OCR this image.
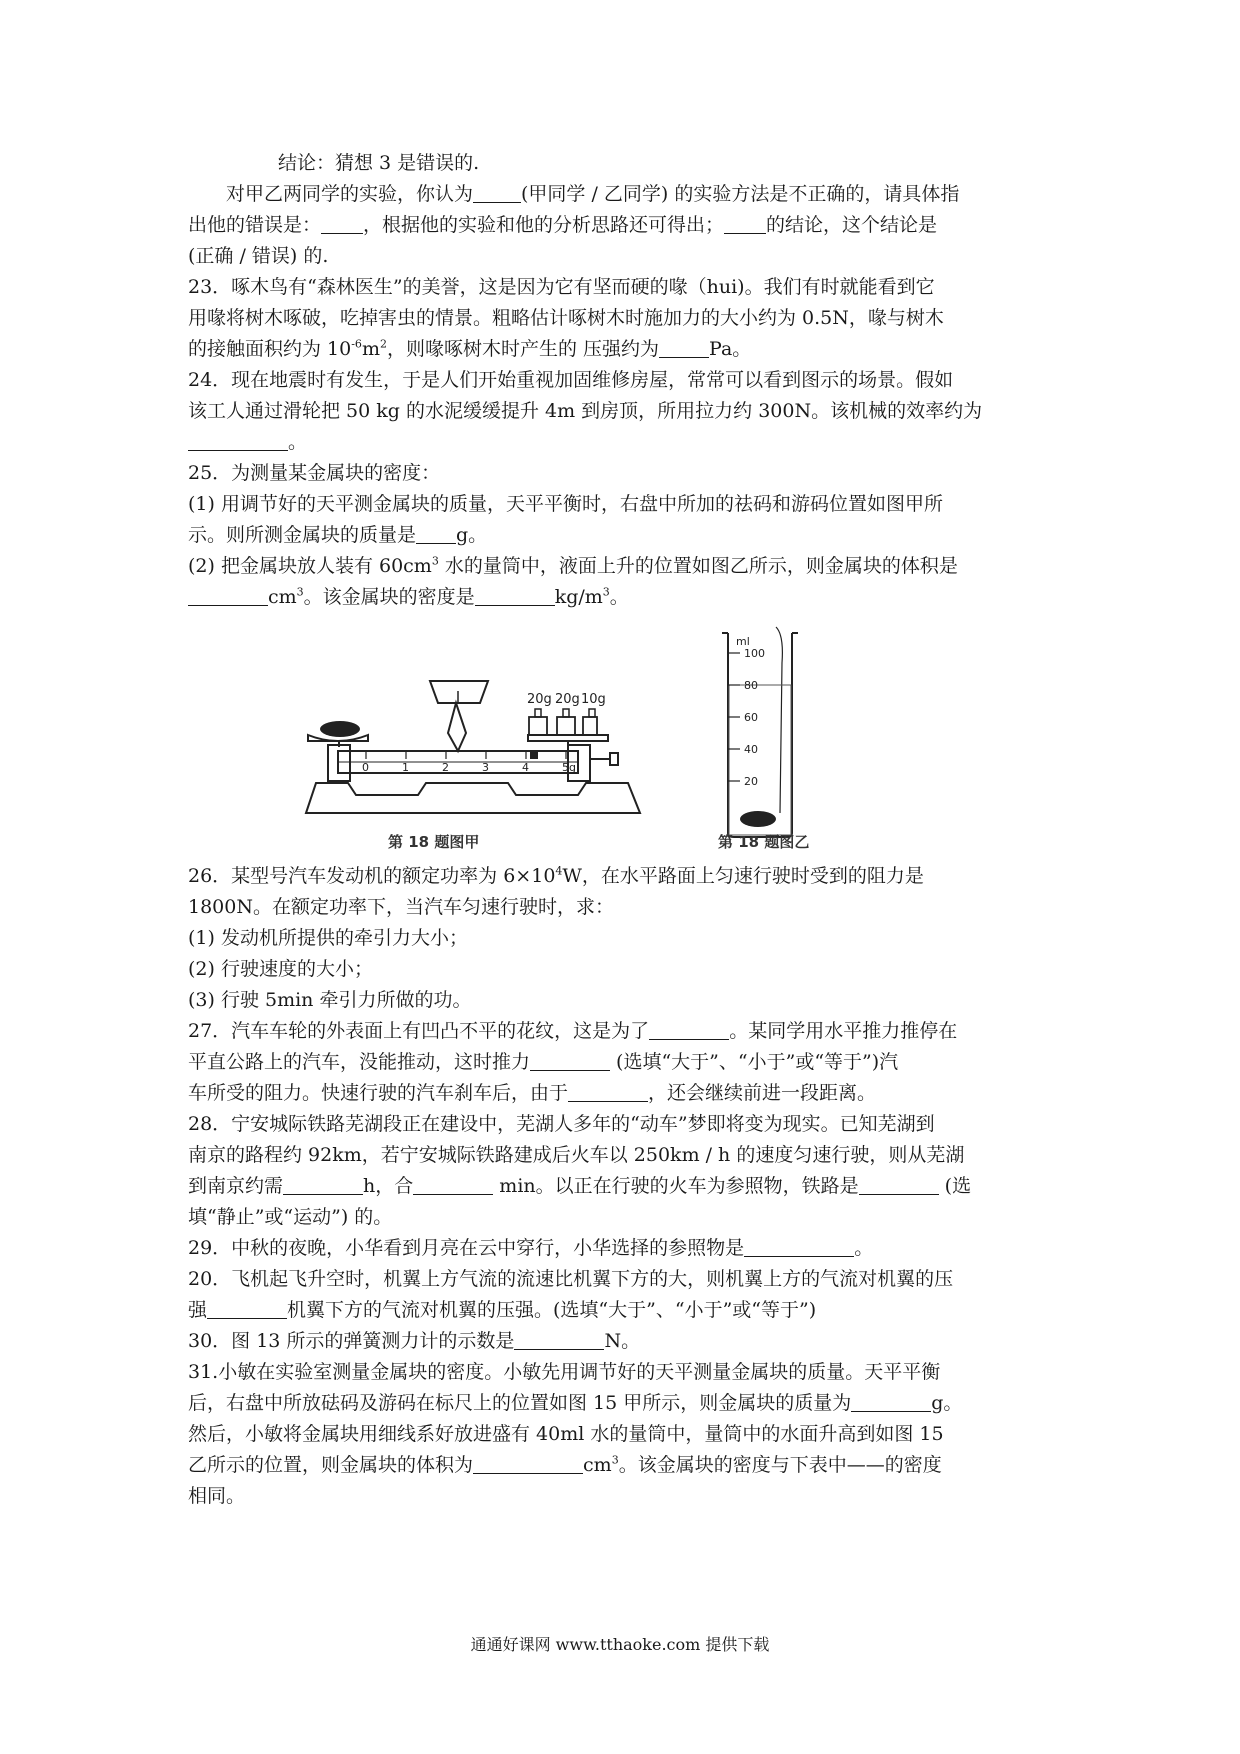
结论：猜想 3 是错误的.
对甲乙两同学的实验，你认为	(甲同学 / 乙同学) 的实验方法是不正确的，请具体指
出他的错误是： ，根据他的实验和他的分析思路还可得出； 的结论，这个结论是
(正确 / 错误) 的.
23．啄木鸟有“森林医生”的美誉，这是因为它有坚而硬的喙（hui)。我们有时就能看到它
用喙将树木啄破，吃掉害虫的情景。粗略估计啄树木时施加力的大小约为 0.5N，喙与树木
的接触面积约为 $10^{-6}m^2$，则喙啄树木时产生的 压强约为	Pa。
24．现在地震时有发生，于是人们开始重视加固维修房屋，常常可以看到图示的场景。假如
该工人通过滑轮把 50 kg 的水泥缓缓提升 4m 到房顶，所用拉力约 300N。该机械的效率约为
。
25．为测量某金属块的密度：
(1) 用调节好的天平测金属块的质量，天平平衡时，右盘中所加的祛码和游码位置如图甲所
示。则所测金属块的质量是 g。
(2) 把金属块放人装有 $60cm^3$ 水的量筒中，液面上升的位置如图乙所示，则金属块的体积是
$cm^3$。该金属块的密度是	$kg/m^3$。
0	1	2	3	4	5g
20g 20g 10g
第 18 题图甲
ml
100
80
60
40
20
第 18 题图乙
26．某型号汽车发动机的额定功率为 $6\times 10^4W$，在水平路面上匀速行驶时受到的阻力是
1800N。在额定功率下，当汽车匀速行驶时，求：
(1) 发动机所提供的牵引力大小；
(2) 行驶速度的大小；
(3) 行驶 5min 牵引力所做的功。
27．汽车车轮的外表面上有凹凸不平的花纹，这是为了	。某同学用水平推力推停在
平直公路上的汽车，没能推动，这时推力	(选填“大于”、“小于”或“等于”)汽
车所受的阻力。快速行驶的汽车刹车后，由于	，还会继续前进一段距离。
28．宁安城际铁路芜湖段正在建设中，芜湖人多年的“动车”梦即将变为现实。已知芜湖到
南京的路程约 92km，若宁安城际铁路建成后火车以 250km / h 的速度匀速行驶，则从芜湖
到南京约需	h，合	min。以正在行驶的火车为参照物，铁路是	(选
填“静止”或“运动”) 的。
29．中秋的夜晚，小华看到月亮在云中穿行，小华选择的参照物是	。
20．飞机起飞升空时，机翼上方气流的流速比机翼下方的大，则机翼上方的气流对机翼的压
强	机翼下方的气流对机翼的压强。(选填“大于”、“小于”或“等于”)
30．图 13 所示的弹簧测力计的示数是	N。
31.小敏在实验室测量金属块的密度。小敏先用调节好的天平测量金属块的质量。天平平衡
后，右盘中所放砝码及游码在标尺上的位置如图 15 甲所示，则金属块的质量为	g。
然后，小敏将金属块用细线系好放进盛有 40ml 水的量筒中，量筒中的水面升高到如图 15
乙所示的位置，则金属块的体积为	$cm^3$。该金属块的密度与下表中——的密度
相同。
通通好课网 www.tthaoke.com 提供下载
